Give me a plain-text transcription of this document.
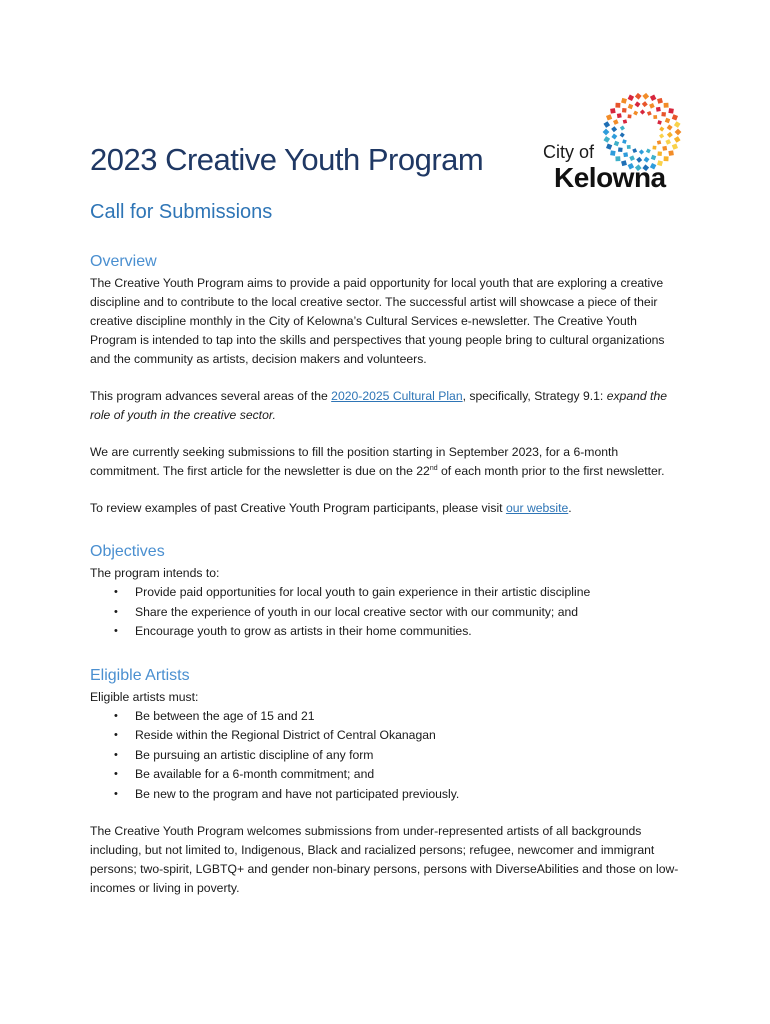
2023 Creative Youth Program
Call for Submissions
City of
Kelowna
Overview

The Creative Youth Program aims to provide a paid opportunity for local youth that are exploring a creative discipline and to contribute to the local creative sector. The successful artist will showcase a piece of their creative discipline monthly in the City of Kelowna’s Cultural Services e-newsletter. The Creative Youth Program is intended to tap into the skills and perspectives that young people bring to cultural organizations and the community as artists, decision makers and volunteers.

This program advances several areas of the 2020-2025 Cultural Plan, specifically, Strategy 9.1: expand the role of youth in the creative sector.

We are currently seeking submissions to fill the position starting in September 2023, for a 6-month commitment. The first article for the newsletter is due on the 22nd of each month prior to the first newsletter.

To review examples of past Creative Youth Program participants, please visit our website.

Objectives

The program intends to:

• Provide paid opportunities for local youth to gain experience in their artistic discipline
• Share the experience of youth in our local creative sector with our community; and
• Encourage youth to grow as artists in their home communities.
Eligible Artists

Eligible artists must:

• Be between the age of 15 and 21
• Reside within the Regional District of Central Okanagan
• Be pursuing an artistic discipline of any form
• Be available for a 6-month commitment; and
• Be new to the program and have not participated previously.

The Creative Youth Program welcomes submissions from under-represented artists of all backgrounds including, but not limited to, Indigenous, Black and racialized persons; refugee, newcomer and immigrant persons; two-spirit, LGBTQ+ and gender non-binary persons, persons with DiverseAbilities and those on low-incomes or living in poverty.
